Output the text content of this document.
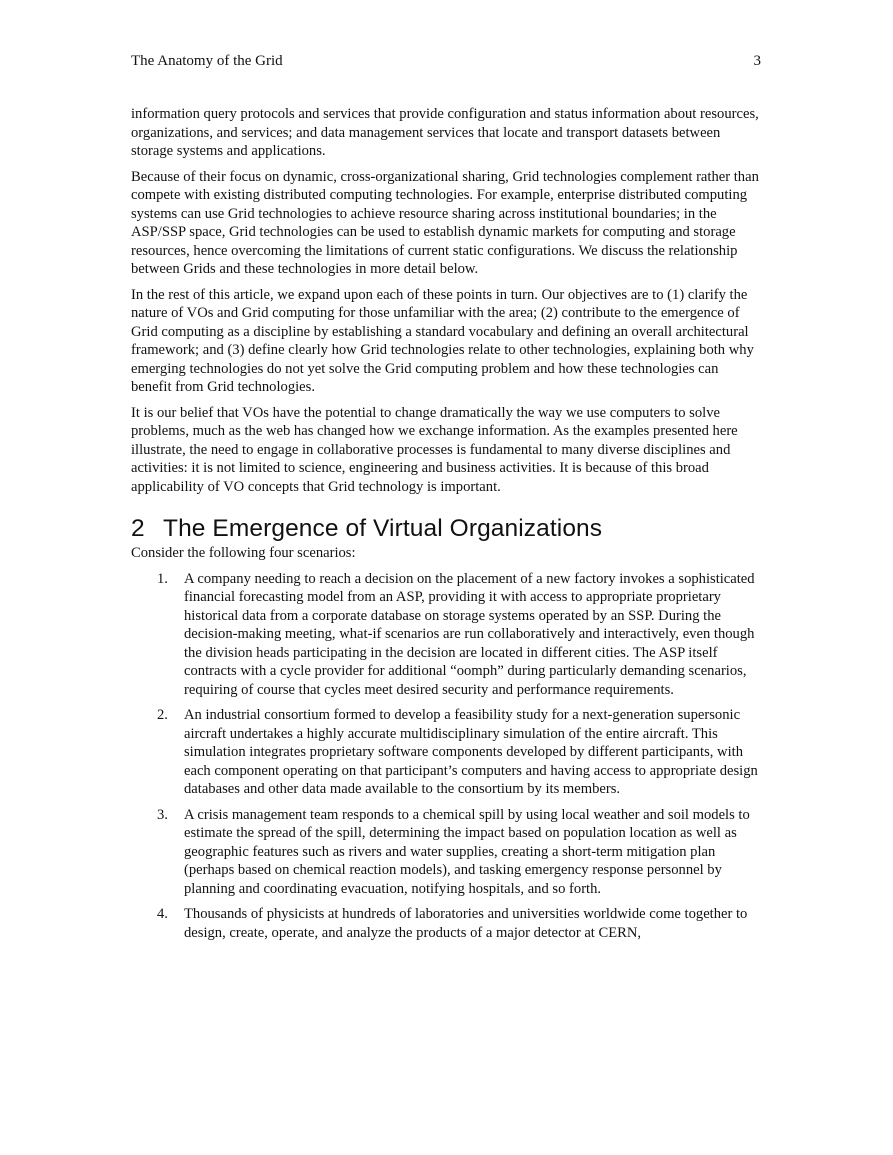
The Anatomy of the Grid	3

information query protocols and services that provide configuration and status information about resources, organizations, and services; and data management services that locate and transport datasets between storage systems and applications.

Because of their focus on dynamic, cross-organizational sharing, Grid technologies complement rather than compete with existing distributed computing technologies. For example, enterprise distributed computing systems can use Grid technologies to achieve resource sharing across institutional boundaries; in the ASP/SSP space, Grid technologies can be used to establish dynamic markets for computing and storage resources, hence overcoming the limitations of current static configurations. We discuss the relationship between Grids and these technologies in more detail below.

In the rest of this article, we expand upon each of these points in turn. Our objectives are to (1) clarify the nature of VOs and Grid computing for those unfamiliar with the area; (2) contribute to the emergence of Grid computing as a discipline by establishing a standard vocabulary and defining an overall architectural framework; and (3) define clearly how Grid technologies relate to other technologies, explaining both why emerging technologies do not yet solve the Grid computing problem and how these technologies can benefit from Grid technologies.

It is our belief that VOs have the potential to change dramatically the way we use computers to solve problems, much as the web has changed how we exchange information. As the examples presented here illustrate, the need to engage in collaborative processes is fundamental to many diverse disciplines and activities: it is not limited to science, engineering and business activities. It is because of this broad applicability of VO concepts that Grid technology is important.

2 The Emergence of Virtual Organizations

Consider the following four scenarios:

1. A company needing to reach a decision on the placement of a new factory invokes a sophisticated financial forecasting model from an ASP, providing it with access to appropriate proprietary historical data from a corporate database on storage systems operated by an SSP. During the decision-making meeting, what-if scenarios are run collaboratively and interactively, even though the division heads participating in the decision are located in different cities. The ASP itself contracts with a cycle provider for additional “oomph” during particularly demanding scenarios, requiring of course that cycles meet desired security and performance requirements.
2. An industrial consortium formed to develop a feasibility study for a next-generation supersonic aircraft undertakes a highly accurate multidisciplinary simulation of the entire aircraft. This simulation integrates proprietary software components developed by different participants, with each component operating on that participant’s computers and having access to appropriate design databases and other data made available to the consortium by its members.
3. A crisis management team responds to a chemical spill by using local weather and soil models to estimate the spread of the spill, determining the impact based on population location as well as geographic features such as rivers and water supplies, creating a short-term mitigation plan (perhaps based on chemical reaction models), and tasking emergency response personnel by planning and coordinating evacuation, notifying hospitals, and so forth.
4. Thousands of physicists at hundreds of laboratories and universities worldwide come together to design, create, operate, and analyze the products of a major detector at CERN,
